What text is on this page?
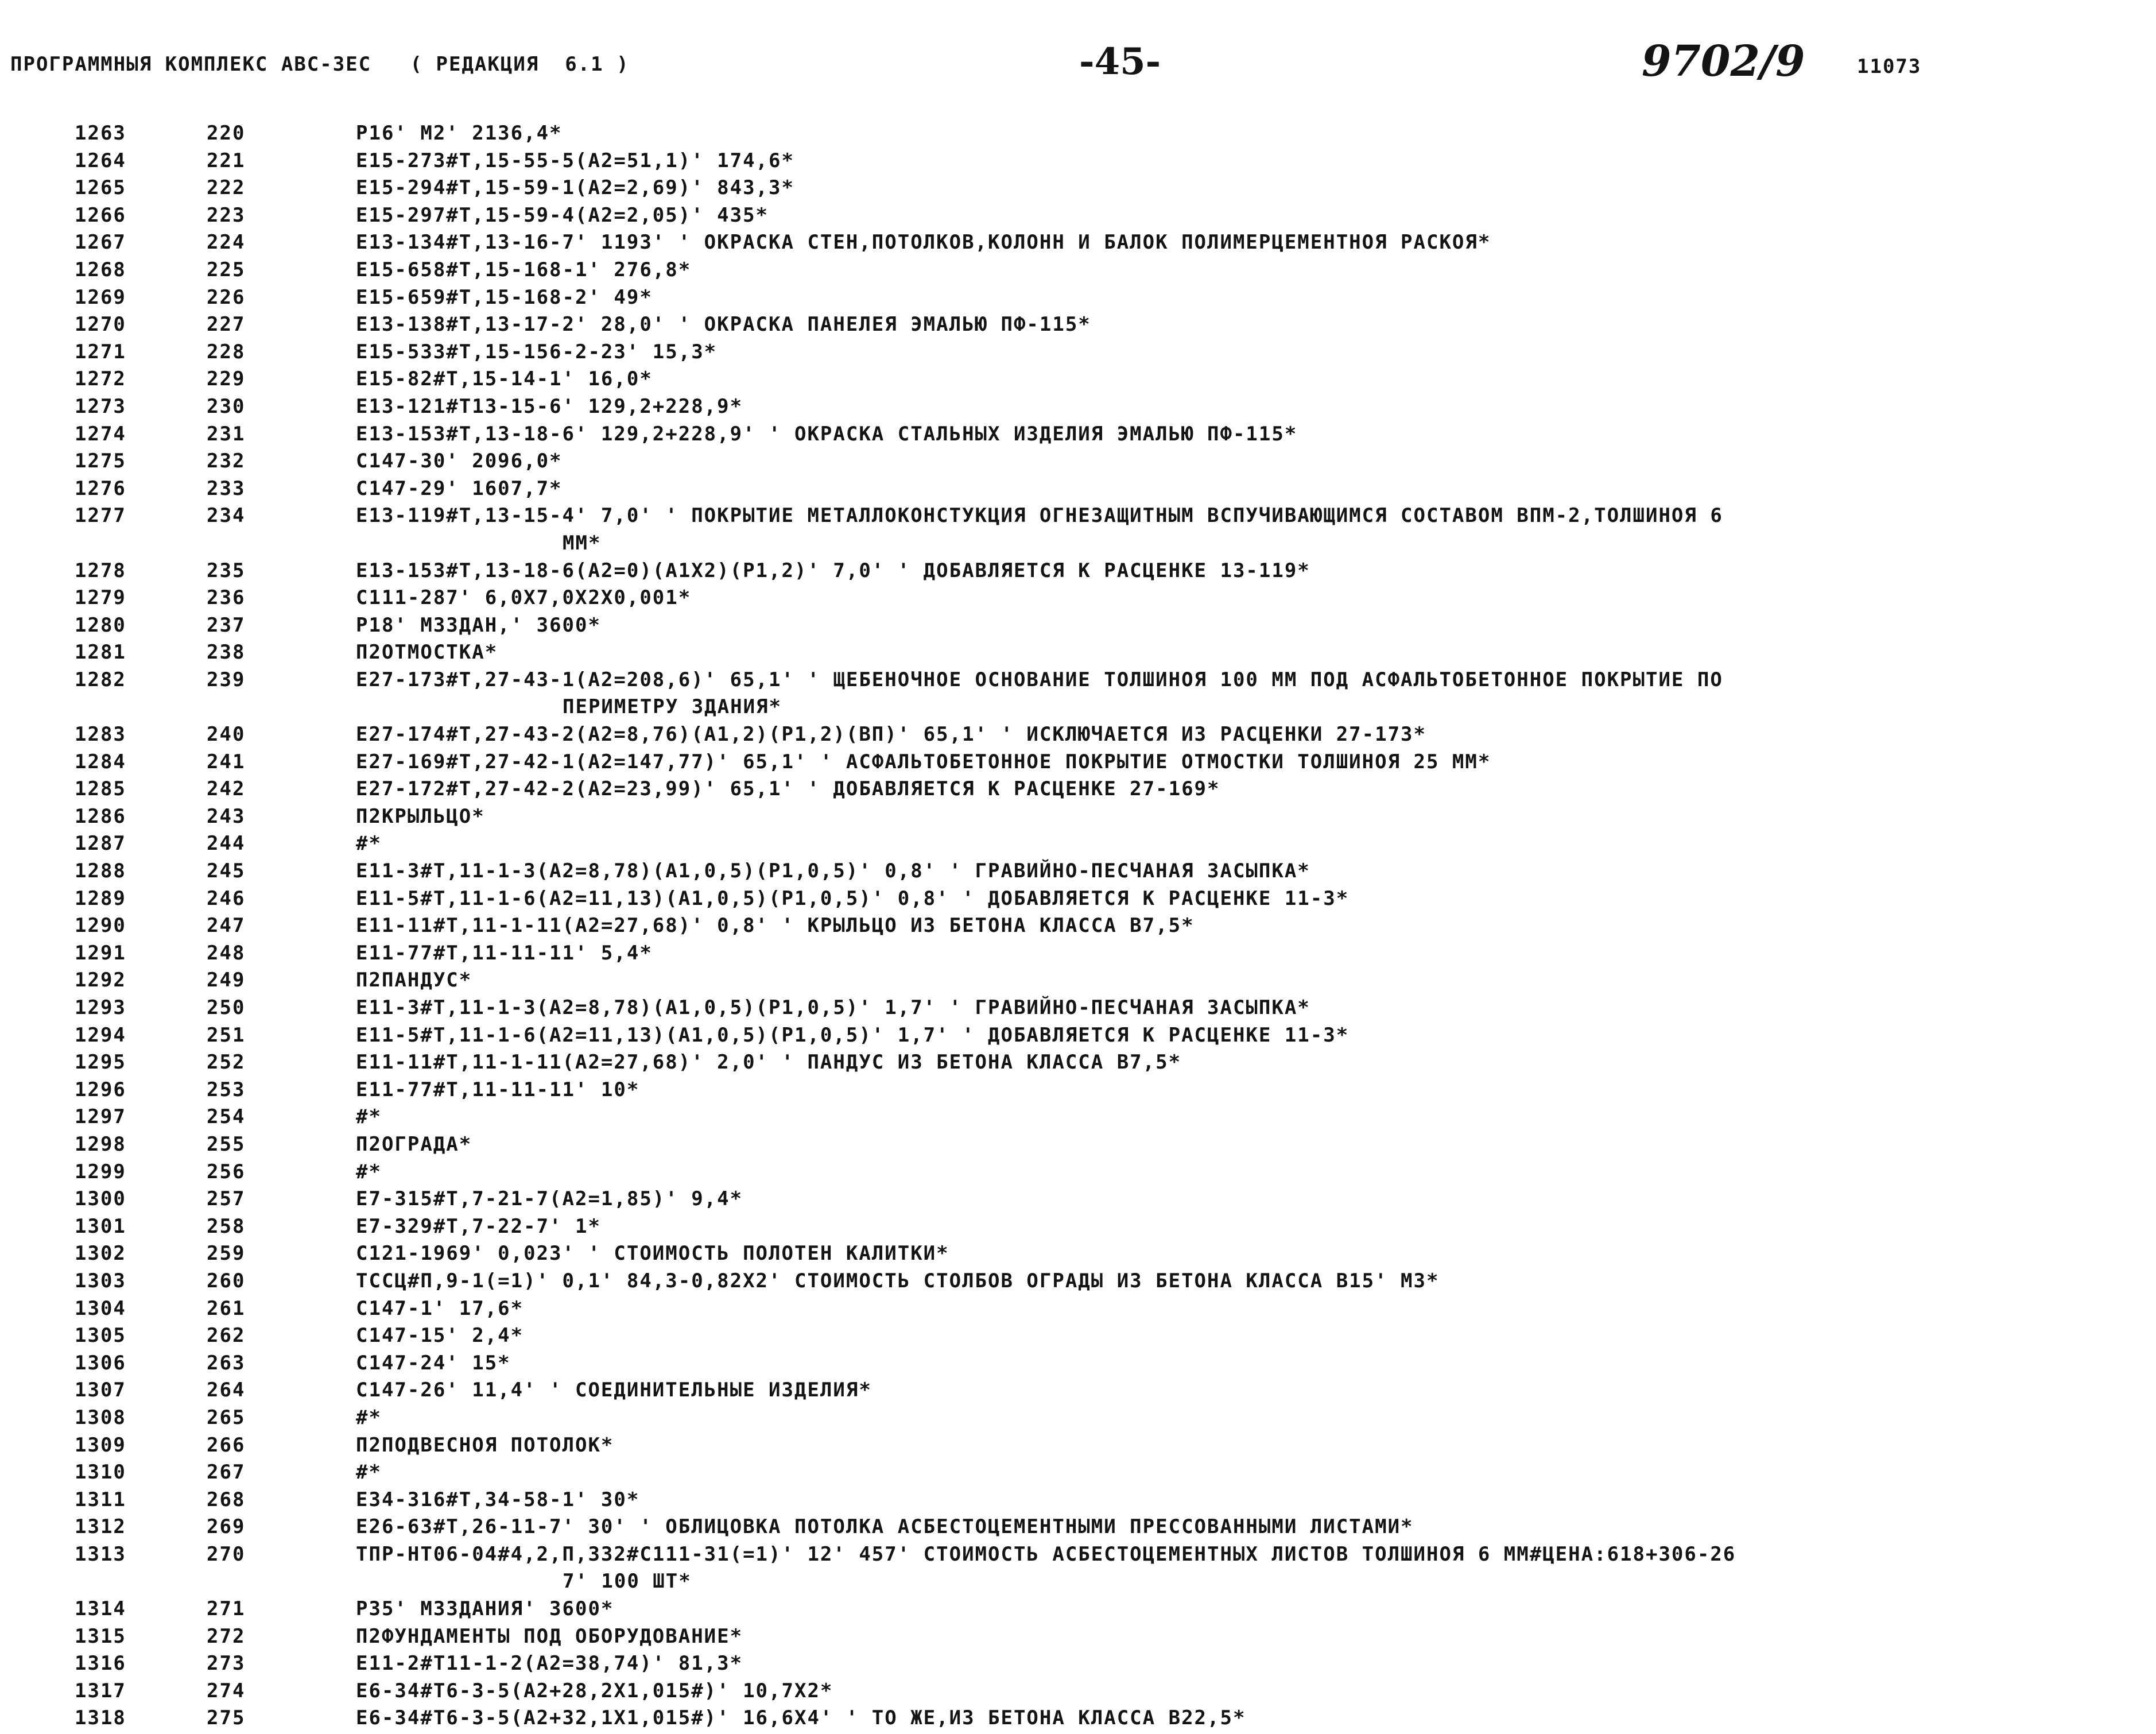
ПРОГРАММНЫЯ КОМПЛЕКС АВС-3ЕС   ( РЕДАКЦИЯ  6.1 )	-45-	9702/9	11073
1263	220	Р16' М2' 2136,4*
1264	221	Е15-273#Т,15-55-5(А2=51,1)' 174,6*
1265	222	Е15-294#Т,15-59-1(А2=2,69)' 843,3*
1266	223	Е15-297#Т,15-59-4(А2=2,05)' 435*
1267	224	Е13-134#Т,13-16-7' 1193' ' ОКРАСКА СТЕН,ПОТОЛКОВ,КОЛОНН И БАЛОК ПОЛИМЕРЦЕМЕНТНОЯ РАСКОЯ*
1268	225	Е15-658#Т,15-168-1' 276,8*
1269	226	Е15-659#Т,15-168-2' 49*
1270	227	Е13-138#Т,13-17-2' 28,0' ' ОКРАСКА ПАНЕЛЕЯ ЭМАЛЬЮ ПФ-115*
1271	228	Е15-533#Т,15-156-2-23' 15,3*
1272	229	Е15-82#Т,15-14-1' 16,0*
1273	230	Е13-121#Т13-15-6' 129,2+228,9*
1274	231	Е13-153#Т,13-18-6' 129,2+228,9' ' ОКРАСКА СТАЛЬНЫХ ИЗДЕЛИЯ ЭМАЛЬЮ ПФ-115*
1275	232	С147-30' 2096,0*
1276	233	С147-29' 1607,7*
1277	234	Е13-119#Т,13-15-4' 7,0' ' ПОКРЫТИЕ МЕТАЛЛОКОНСТУКЦИЯ ОГНЕЗАЩИТНЫМ ВСПУЧИВАЮЩИМСЯ СОСТАВОМ ВПМ-2,ТОЛШИНОЯ 6
ММ*
1278	235	Е13-153#Т,13-18-6(А2=0)(А1Х2)(Р1,2)' 7,0' ' ДОБАВЛЯЕТСЯ К РАСЦЕНКЕ 13-119*
1279	236	С111-287' 6,0Х7,0Х2Х0,001*
1280	237	Р18' М3ЗДАН,' 3600*
1281	238	П2ОТМОСТКА*
1282	239	Е27-173#Т,27-43-1(А2=208,6)' 65,1' ' ЩЕБЕНОЧНОЕ ОСНОВАНИЕ ТОЛШИНОЯ 100 ММ ПОД АСФАЛЬТОБЕТОННОЕ ПОКРЫТИЕ ПО
ПЕРИМЕТРУ ЗДАНИЯ*
1283	240	Е27-174#Т,27-43-2(А2=8,76)(А1,2)(Р1,2)(ВП)' 65,1' ' ИСКЛЮЧАЕТСЯ ИЗ РАСЦЕНКИ 27-173*
1284	241	Е27-169#Т,27-42-1(А2=147,77)' 65,1' ' АСФАЛЬТОБЕТОННОЕ ПОКРЫТИЕ ОТМОСТКИ ТОЛШИНОЯ 25 ММ*
1285	242	Е27-172#Т,27-42-2(А2=23,99)' 65,1' ' ДОБАВЛЯЕТСЯ К РАСЦЕНКЕ 27-169*
1286	243	П2КРЫЛЬЦО*
1287	244	#*
1288	245	Е11-3#Т,11-1-3(А2=8,78)(А1,0,5)(Р1,0,5)' 0,8' ' ГРАВИЙНО-ПЕСЧАНАЯ ЗАСЫПКА*
1289	246	Е11-5#Т,11-1-6(А2=11,13)(А1,0,5)(Р1,0,5)' 0,8' ' ДОБАВЛЯЕТСЯ К РАСЦЕНКЕ 11-3*
1290	247	Е11-11#Т,11-1-11(А2=27,68)' 0,8' ' КРЫЛЬЦО ИЗ БЕТОНА КЛАССА В7,5*
1291	248	Е11-77#Т,11-11-11' 5,4*
1292	249	П2ПАНДУС*
1293	250	Е11-3#Т,11-1-3(А2=8,78)(А1,0,5)(Р1,0,5)' 1,7' ' ГРАВИЙНО-ПЕСЧАНАЯ ЗАСЫПКА*
1294	251	Е11-5#Т,11-1-6(А2=11,13)(А1,0,5)(Р1,0,5)' 1,7' ' ДОБАВЛЯЕТСЯ К РАСЦЕНКЕ 11-3*
1295	252	Е11-11#Т,11-1-11(А2=27,68)' 2,0' ' ПАНДУС ИЗ БЕТОНА КЛАССА В7,5*
1296	253	Е11-77#Т,11-11-11' 10*
1297	254	#*
1298	255	П2ОГРАДА*
1299	256	#*
1300	257	Е7-315#Т,7-21-7(А2=1,85)' 9,4*
1301	258	Е7-329#Т,7-22-7' 1*
1302	259	С121-1969' 0,023' ' СТОИМОСТЬ ПОЛОТЕН КАЛИТКИ*
1303	260	ТССЦ#П,9-1(=1)' 0,1' 84,3-0,82Х2' СТОИМОСТЬ СТОЛБОВ ОГРАДЫ ИЗ БЕТОНА КЛАССА В15' М3*
1304	261	С147-1' 17,6*
1305	262	С147-15' 2,4*
1306	263	С147-24' 15*
1307	264	С147-26' 11,4' ' СОЕДИНИТЕЛЬНЫЕ ИЗДЕЛИЯ*
1308	265	#*
1309	266	П2ПОДВЕСНОЯ ПОТОЛОК*
1310	267	#*
1311	268	Е34-316#Т,34-58-1' 30*
1312	269	Е26-63#Т,26-11-7' 30' ' ОБЛИЦОВКА ПОТОЛКА АСБЕСТОЦЕМЕНТНЫМИ ПРЕССОВАННЫМИ ЛИСТАМИ*
1313	270	ТПР-НТ06-04#4,2,П,332#С111-31(=1)' 12' 457' СТОИМОСТЬ АСБЕСТОЦЕМЕНТНЫХ ЛИСТОВ ТОЛШИНОЯ 6 ММ#ЦЕНА:618+306-26
7' 100 ШТ*
1314	271	Р35' М3ЗДАНИЯ' 3600*
1315	272	П2ФУНДАМЕНТЫ ПОД ОБОРУДОВАНИЕ*
1316	273	Е11-2#Т11-1-2(А2=38,74)' 81,3*
1317	274	Е6-34#Т6-3-5(А2+28,2Х1,015#)' 10,7Х2*
1318	275	Е6-34#Т6-3-5(А2+32,1Х1,015#)' 16,6Х4' ' ТО ЖЕ,ИЗ БЕТОНА КЛАССА В22,5*
